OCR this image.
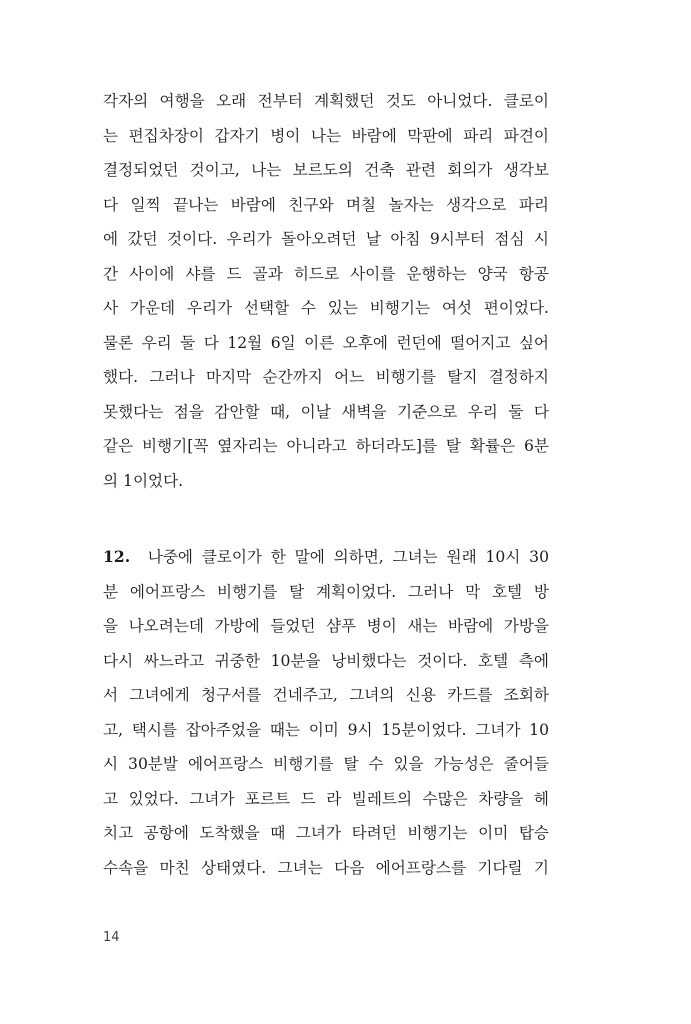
각자의 여행을 오래 전부터 계획했던 것도 아니었다. 클로이
는 편집차장이 갑자기 병이 나는 바람에 막판에 파리 파견이
결정되었던 것이고, 나는 보르도의 건축 관련 회의가 생각보
다 일찍 끝나는 바람에 친구와 며칠 놀자는 생각으로 파리
에 갔던 것이다. 우리가 돌아오려던 날 아침 9시부터 점심 시
간 사이에 샤를 드 골과 히드로 사이를 운행하는 양국 항공
사 가운데 우리가 선택할 수 있는 비행기는 여섯 편이었다.
물론 우리 둘 다 12월 6일 이른 오후에 런던에 떨어지고 싶어
했다. 그러나 마지막 순간까지 어느 비행기를 탈지 결정하지
못했다는 점을 감안할 때, 이날 새벽을 기준으로 우리 둘 다
같은 비행기[꼭 옆자리는 아니라고 하더라도]를 탈 확률은 6분
의 1이었다.
12. 나중에 클로이가 한 말에 의하면, 그녀는 원래 10시 30
분 에어프랑스 비행기를 탈 계획이었다. 그러나 막 호텔 방
을 나오려는데 가방에 들었던 샴푸 병이 새는 바람에 가방을
다시 싸느라고 귀중한 10분을 낭비했다는 것이다. 호텔 측에
서 그녀에게 청구서를 건네주고, 그녀의 신용 카드를 조회하
고, 택시를 잡아주었을 때는 이미 9시 15분이었다. 그녀가 10
시 30분발 에어프랑스 비행기를 탈 수 있을 가능성은 줄어들
고 있었다. 그녀가 포르트 드 라 빌레트의 수많은 차량을 헤
치고 공항에 도착했을 때 그녀가 타려던 비행기는 이미 탑승
수속을 마친 상태였다. 그녀는 다음 에어프랑스를 기다릴 기
14
